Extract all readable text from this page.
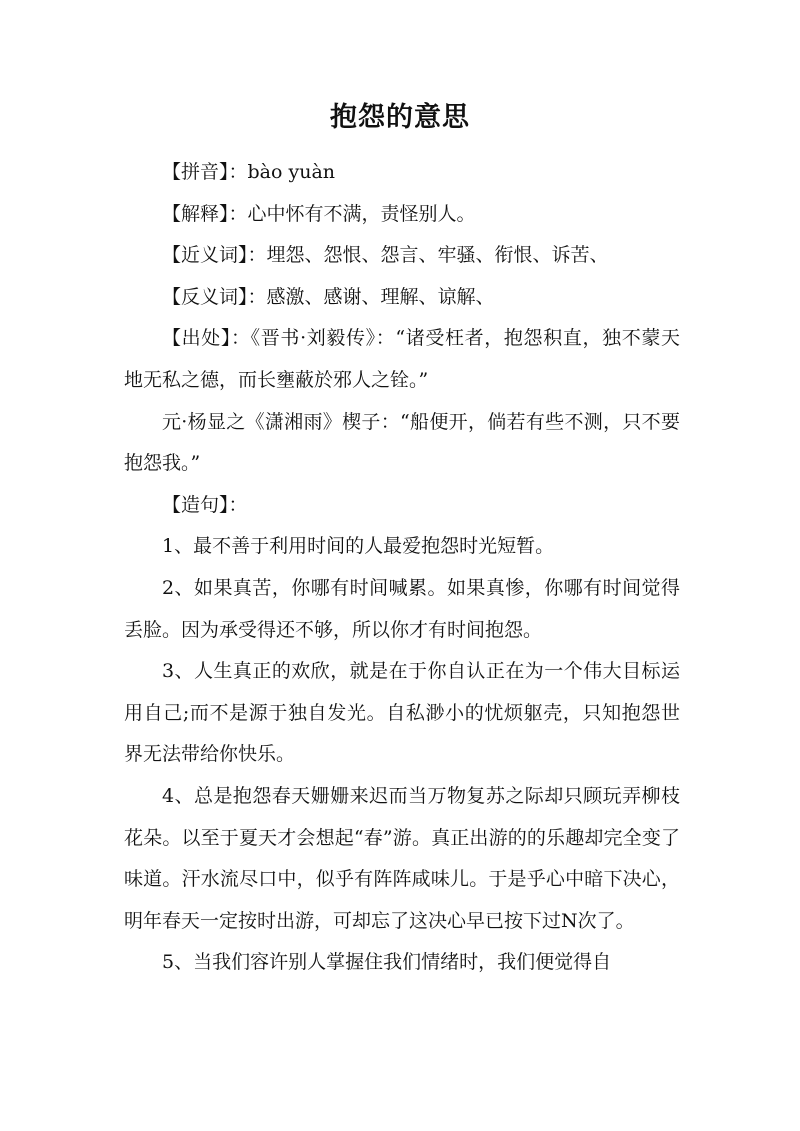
抱怨的意思

【拼音】：bào yuàn

【解释】：心中怀有不满，责怪别人。

【近义词】：埋怨、怨恨、怨言、牢骚、衔恨、诉苦、

【反义词】：感激、感谢、理解、谅解、

【出处】：《晋书·刘毅传》：“诸受枉者，抱怨积直，独不蒙天地无私之德，而长壅蔽於邪人之铨。”

元·杨显之《潇湘雨》楔子：“船便开，倘若有些不测，只不要抱怨我。”

【造句】：

1、最不善于利用时间的人最爱抱怨时光短暂。

2、如果真苦，你哪有时间喊累。如果真惨，你哪有时间觉得丢脸。因为承受得还不够，所以你才有时间抱怨。

3、人生真正的欢欣，就是在于你自认正在为一个伟大目标运用自己;而不是源于独自发光。自私渺小的忧烦躯壳，只知抱怨世界无法带给你快乐。

4、总是抱怨春天姗姗来迟而当万物复苏之际却只顾玩弄柳枝花朵。以至于夏天才会想起“春”游。真正出游的的乐趣却完全变了味道。汗水流尽口中，似乎有阵阵咸味儿。于是乎心中暗下决心，明年春天一定按时出游，可却忘了这决心早已按下过N次了。

5、当我们容许别人掌握住我们情绪时，我们便觉得自
